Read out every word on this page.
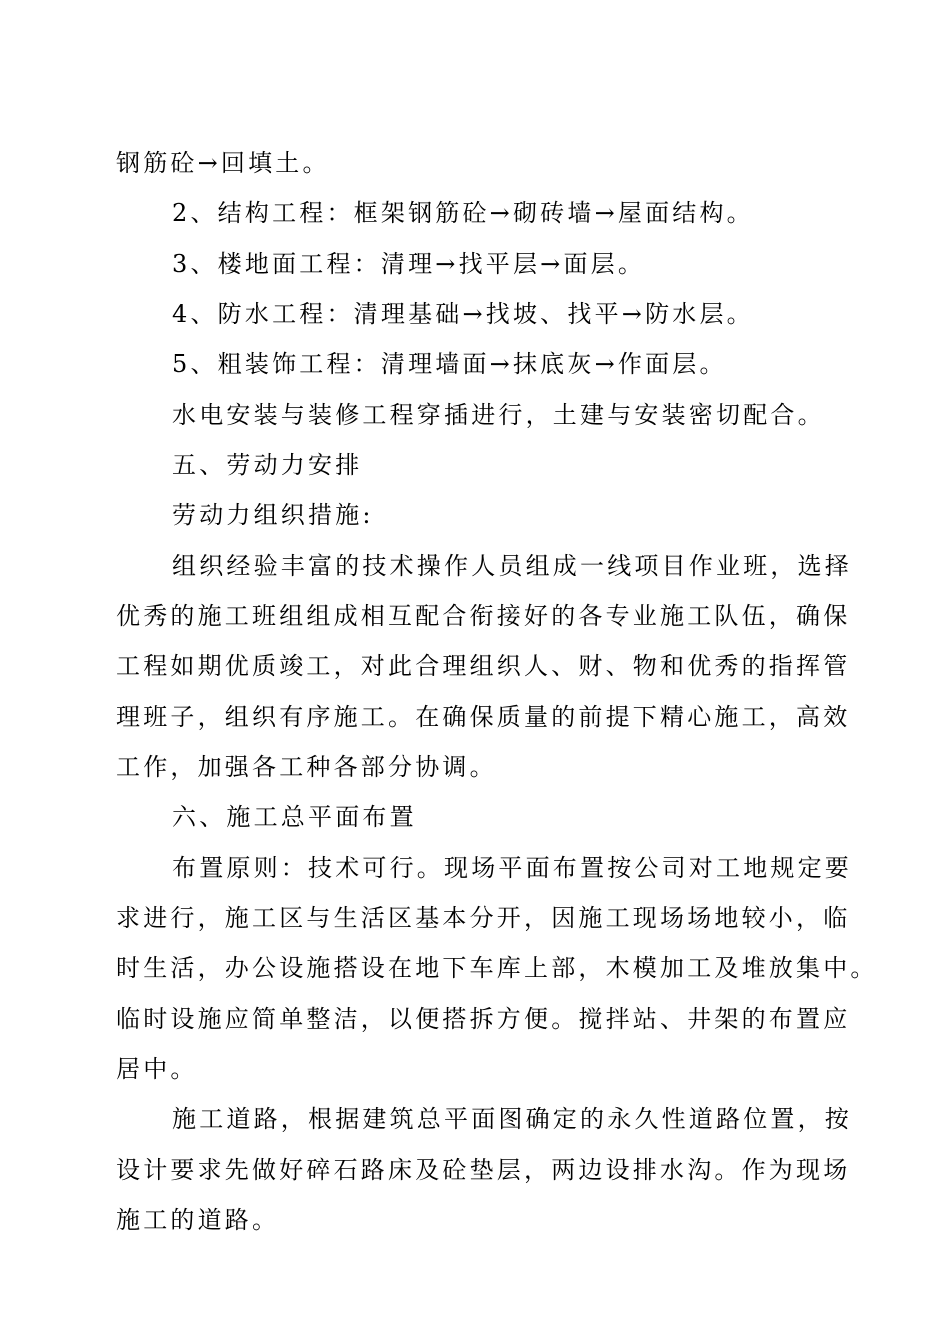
钢筋砼→回填土。
2、结构工程：框架钢筋砼→砌砖墙→屋面结构。
3、楼地面工程：清理→找平层→面层。
4、防水工程：清理基础→找坡、找平→防水层。
5、粗装饰工程：清理墙面→抹底灰→作面层。
水电安装与装修工程穿插进行，土建与安装密切配合。
五、劳动力安排
劳动力组织措施:
组织经验丰富的技术操作人员组成一线项目作业班，选择
优秀的施工班组组成相互配合衔接好的各专业施工队伍，确保
工程如期优质竣工，对此合理组织人、财、物和优秀的指挥管
理班子，组织有序施工。在确保质量的前提下精心施工，高效
工作，加强各工种各部分协调。
六、施工总平面布置
布置原则：技术可行。现场平面布置按公司对工地规定要
求进行，施工区与生活区基本分开，因施工现场场地较小，临
时生活，办公设施搭设在地下车库上部，木模加工及堆放集中。
临时设施应简单整洁，以便搭拆方便。搅拌站、井架的布置应
居中。
施工道路，根据建筑总平面图确定的永久性道路位置，按
设计要求先做好碎石路床及砼垫层，两边设排水沟。作为现场
施工的道路。
